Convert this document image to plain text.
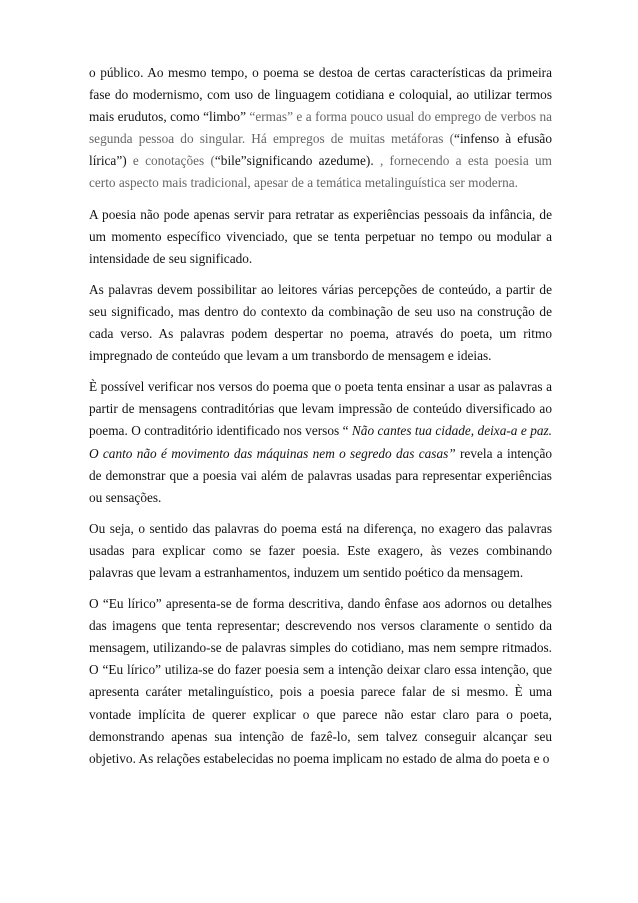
o público. Ao mesmo tempo, o poema se destoa de certas características da primeira fase do modernismo, com uso de linguagem cotidiana e coloquial, ao utilizar termos mais erudutos, como “limbo” “ermas” e a forma pouco usual do emprego de verbos na segunda pessoa do singular. Há empregos de muitas metáforas (“infenso à efusão lírica”) e conotações (“bile”significando azedume). , fornecendo a esta poesia um certo aspecto mais tradicional, apesar de a temática metalinguística ser moderna.

A poesia não pode apenas servir para retratar as experiências pessoais da infância, de um momento específico vivenciado, que se tenta perpetuar no tempo ou modular a intensidade de seu significado.

As palavras devem possibilitar ao leitores várias percepções de conteúdo, a partir de seu significado, mas dentro do contexto da combinação de seu uso na construção de cada verso. As palavras podem despertar no poema, através do poeta, um ritmo impregnado de conteúdo que levam a um transbordo de mensagem e ideias.

È possível verificar nos versos do poema que o poeta tenta ensinar a usar as palavras a partir de mensagens contraditórias que levam impressão de conteúdo diversificado ao poema. O contraditório identificado nos versos “ Não cantes tua cidade, deixa-a e paz. O canto não é movimento das máquinas nem o segredo das casas” revela a intenção de demonstrar que a poesia vai além de palavras usadas para representar experiências ou sensações.

Ou seja, o sentido das palavras do poema está na diferença, no exagero das palavras usadas para explicar como se fazer poesia. Este exagero, às vezes combinando palavras que levam a estranhamentos, induzem um sentido poético da mensagem.

O “Eu lírico” apresenta-se de forma descritiva, dando ênfase aos adornos ou detalhes das imagens que tenta representar; descrevendo nos versos claramente o sentido da mensagem, utilizando-se de palavras simples do cotidiano, mas nem sempre ritmados. O “Eu lírico” utiliza-se do fazer poesia sem a intenção deixar claro essa intenção, que apresenta caráter metalinguístico, pois a poesia parece falar de si mesmo. È uma vontade implícita de querer explicar o que parece não estar claro para o poeta, demonstrando apenas sua intenção de fazê-lo, sem talvez conseguir alcançar seu objetivo. As relações estabelecidas no poema implicam no estado de alma do poeta e o
